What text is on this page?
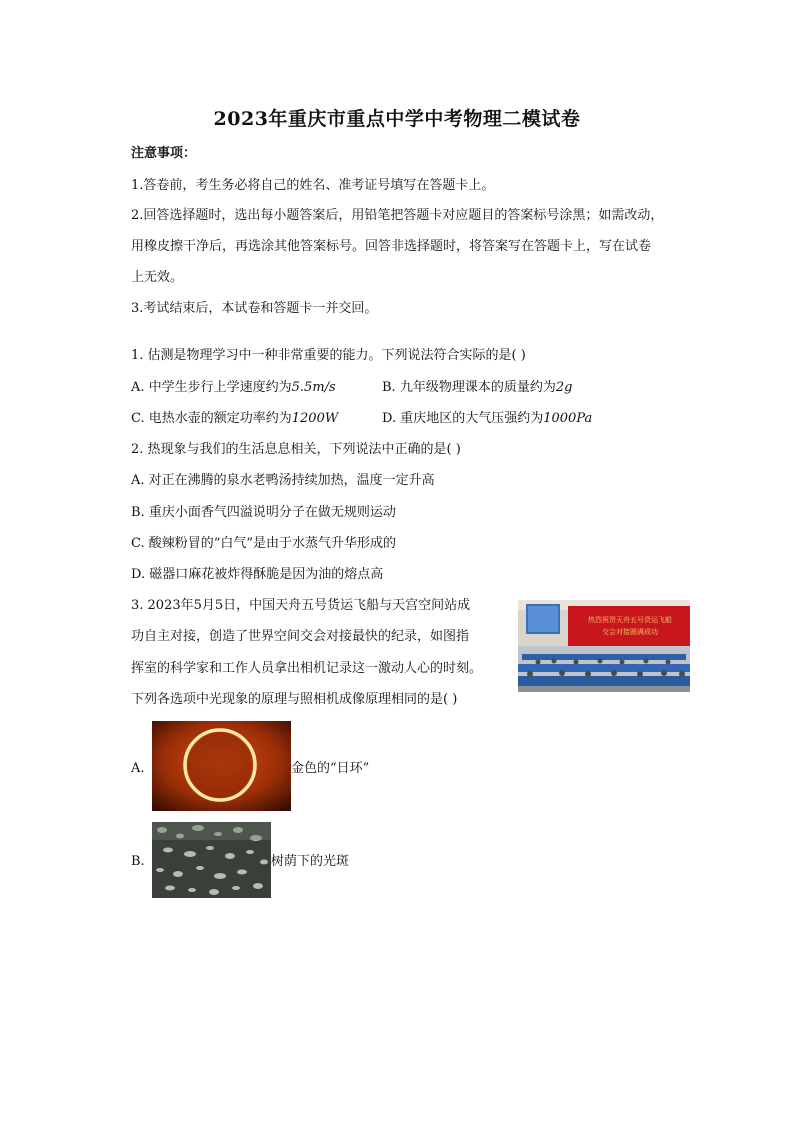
2023年重庆市重点中学中考物理二模试卷
注意事项：
1.答卷前，考生务必将自己的姓名、准考证号填写在答题卡上。
2.回答选择题时，选出每小题答案后，用铅笔把答题卡对应题目的答案标号涂黑；如需改动，
用橡皮擦干净后，再选涂其他答案标号。回答非选择题时，将答案写在答题卡上，写在试卷
上无效。
3.考试结束后，本试卷和答题卡一并交回。
1. 估测是物理学习中一种非常重要的能力。下列说法符合实际的是( )
A. 中学生步行上学速度约为5.5m/s	B. 九年级物理课本的质量约为2g
C. 电热水壶的额定功率约为1200W	D. 重庆地区的大气压强约为1000Pa
2. 热现象与我们的生活息息相关，下列说法中正确的是( )
A. 对正在沸腾的泉水老鸭汤持续加热，温度一定升高
B. 重庆小面香气四溢说明分子在做无规则运动
C. 酸辣粉冒的“白气”是由于水蒸气升华形成的
D. 磁器口麻花被炸得酥脆是因为油的熔点高
3. 2023年5月5日，中国天舟五号货运飞船与天宫空间站成
功自主对接，创造了世界空间交会对接最快的纪录，如图指
挥室的科学家和工作人员拿出相机记录这一激动人心的时刻。
下列各选项中光现象的原理与照相机成像原理相同的是( )
热烈祝贺天舟五号货运飞船
交会对接圆满成功
A.	金色的“日环”
B.	树荫下的光斑
